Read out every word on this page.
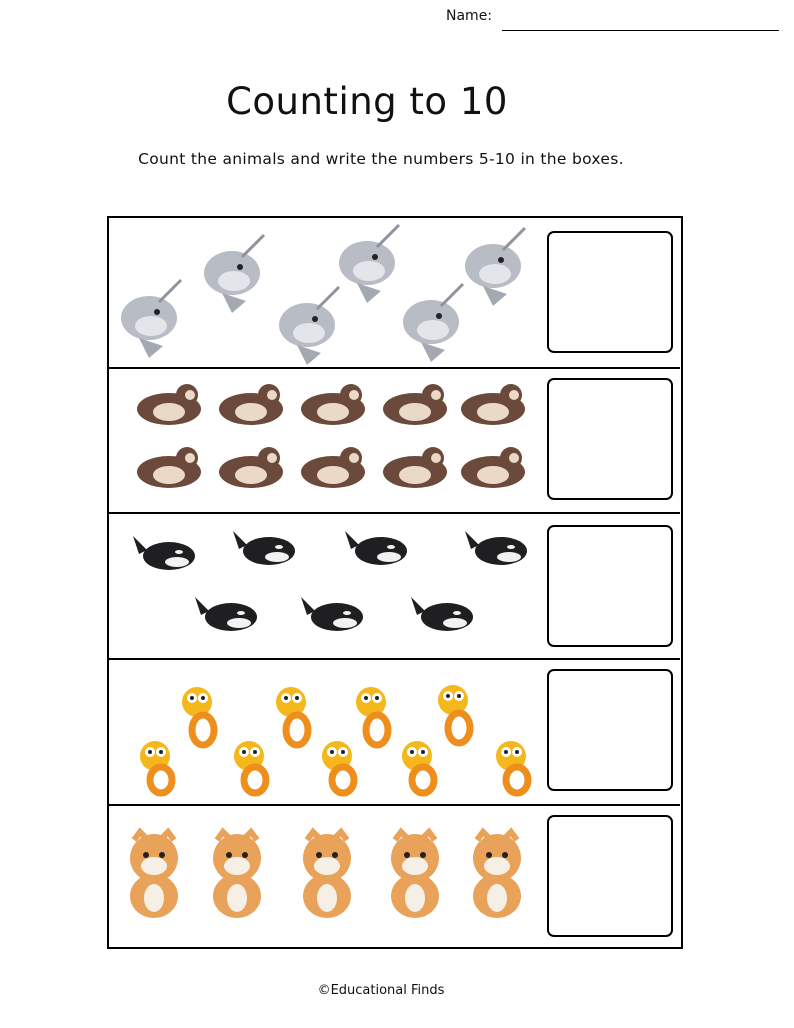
Name:
Counting to 10
Count the animals and write the numbers 5-10 in the boxes.
©Educational Finds
